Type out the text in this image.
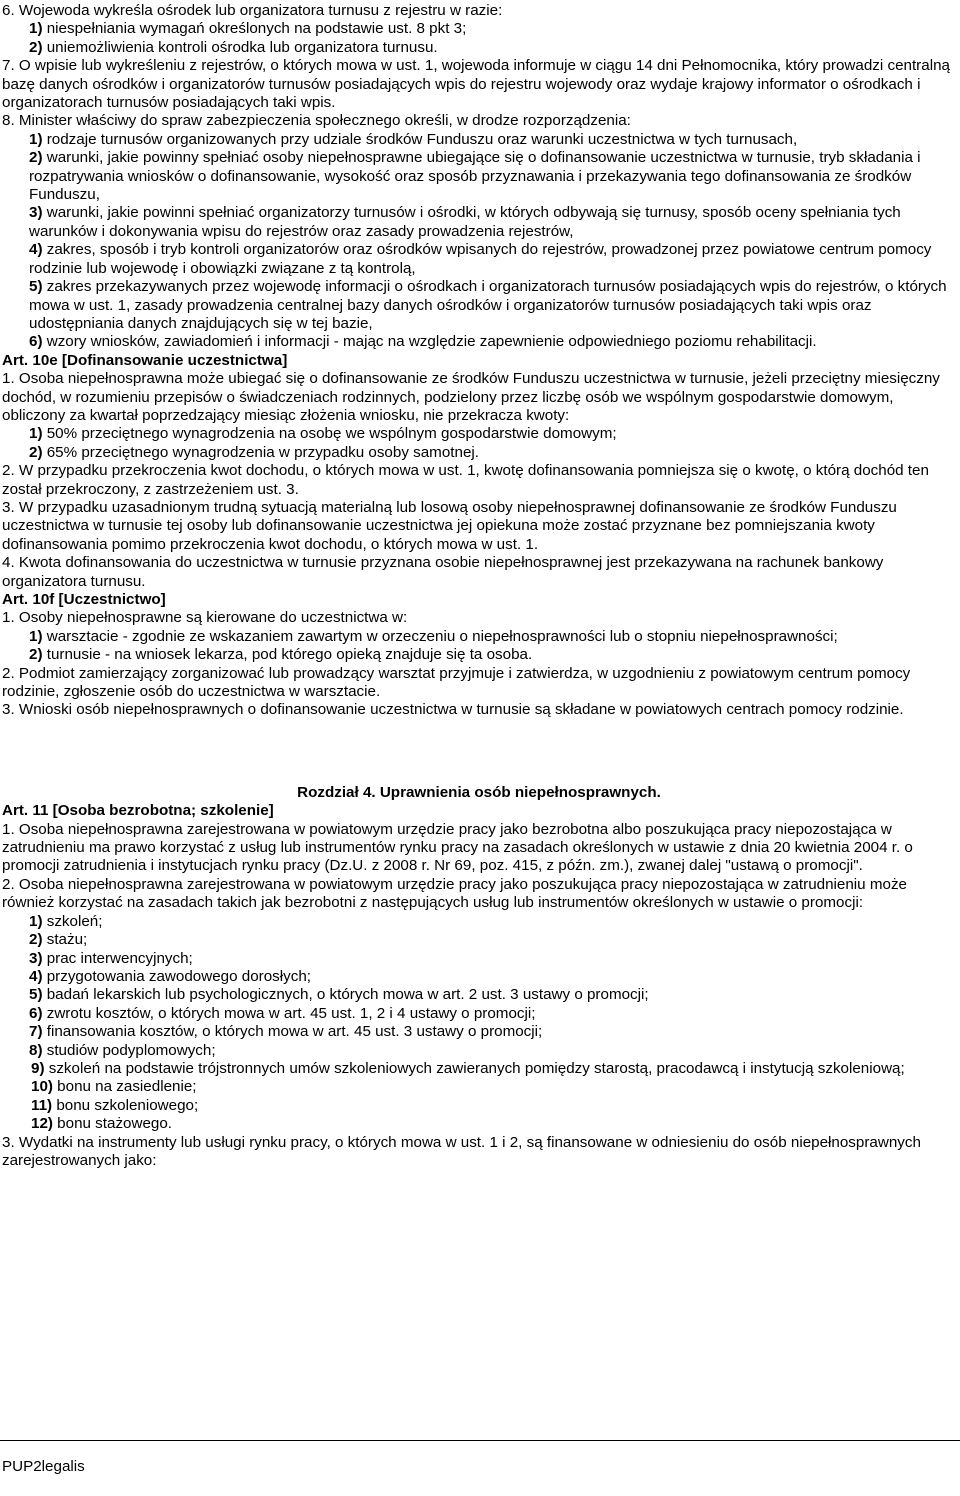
6. Wojewoda wykreśla ośrodek lub organizatora turnusu z rejestru w razie:

1) niespełniania wymagań określonych na podstawie ust. 8 pkt 3;

2) uniemożliwienia kontroli ośrodka lub organizatora turnusu.

7. O wpisie lub wykreśleniu z rejestrów, o których mowa w ust. 1, wojewoda informuje w ciągu 14 dni Pełnomocnika, który prowadzi centralną bazę danych ośrodków i organizatorów turnusów posiadających wpis do rejestru wojewody oraz wydaje krajowy informator o ośrodkach i organizatorach turnusów posiadających taki wpis.

8. Minister właściwy do spraw zabezpieczenia społecznego określi, w drodze rozporządzenia:

1) rodzaje turnusów organizowanych przy udziale środków Funduszu oraz warunki uczestnictwa w tych turnusach,

2) warunki, jakie powinny spełniać osoby niepełnosprawne ubiegające się o dofinansowanie uczestnictwa w turnusie, tryb składania i rozpatrywania wniosków o dofinansowanie, wysokość oraz sposób przyznawania i przekazywania tego dofinansowania ze środków Funduszu,

3) warunki, jakie powinni spełniać organizatorzy turnusów i ośrodki, w których odbywają się turnusy, sposób oceny spełniania tych warunków i dokonywania wpisu do rejestrów oraz zasady prowadzenia rejestrów,

4) zakres, sposób i tryb kontroli organizatorów oraz ośrodków wpisanych do rejestrów, prowadzonej przez powiatowe centrum pomocy rodzinie lub wojewodę i obowiązki związane z tą kontrolą,

5) zakres przekazywanych przez wojewodę informacji o ośrodkach i organizatorach turnusów posiadających wpis do rejestrów, o których mowa w ust. 1, zasady prowadzenia centralnej bazy danych ośrodków i organizatorów turnusów posiadających taki wpis oraz udostępniania danych znajdujących się w tej bazie,

6) wzory wniosków, zawiadomień i informacji - mając na względzie zapewnienie odpowiedniego poziomu rehabilitacji.

Art. 10e [Dofinansowanie uczestnictwa]

1. Osoba niepełnosprawna może ubiegać się o dofinansowanie ze środków Funduszu uczestnictwa w turnusie, jeżeli przeciętny miesięczny dochód, w rozumieniu przepisów o świadczeniach rodzinnych, podzielony przez liczbę osób we wspólnym gospodarstwie domowym, obliczony za kwartał poprzedzający miesiąc złożenia wniosku, nie przekracza kwoty:

1) 50% przeciętnego wynagrodzenia na osobę we wspólnym gospodarstwie domowym;

2) 65% przeciętnego wynagrodzenia w przypadku osoby samotnej.

2. W przypadku przekroczenia kwot dochodu, o których mowa w ust. 1, kwotę dofinansowania pomniejsza się o kwotę, o którą dochód ten został przekroczony, z zastrzeżeniem ust. 3.

3. W przypadku uzasadnionym trudną sytuacją materialną lub losową osoby niepełnosprawnej dofinansowanie ze środków Funduszu uczestnictwa w turnusie tej osoby lub dofinansowanie uczestnictwa jej opiekuna może zostać przyznane bez pomniejszania kwoty dofinansowania pomimo przekroczenia kwot dochodu, o których mowa w ust. 1.

4. Kwota dofinansowania do uczestnictwa w turnusie przyznana osobie niepełnosprawnej jest przekazywana na rachunek bankowy organizatora turnusu.

Art. 10f [Uczestnictwo]

1. Osoby niepełnosprawne są kierowane do uczestnictwa w:

1) warsztacie - zgodnie ze wskazaniem zawartym w orzeczeniu o niepełnosprawności lub o stopniu niepełnosprawności;

2) turnusie - na wniosek lekarza, pod którego opieką znajduje się ta osoba.

2. Podmiot zamierzający zorganizować lub prowadzący warsztat przyjmuje i zatwierdza, w uzgodnieniu z powiatowym centrum pomocy rodzinie, zgłoszenie osób do uczestnictwa w warsztacie.

3. Wnioski osób niepełnosprawnych o dofinansowanie uczestnictwa w turnusie są składane w powiatowych centrach pomocy rodzinie.

Rozdział 4. Uprawnienia osób niepełnosprawnych.

Art. 11 [Osoba bezrobotna; szkolenie]

1. Osoba niepełnosprawna zarejestrowana w powiatowym urzędzie pracy jako bezrobotna albo poszukująca pracy niepozostająca w zatrudnieniu ma prawo korzystać z usług lub instrumentów rynku pracy na zasadach określonych w ustawie z dnia 20 kwietnia 2004 r. o promocji zatrudnienia i instytucjach rynku pracy (Dz.U. z 2008 r. Nr 69, poz. 415, z późn. zm.), zwanej dalej "ustawą o promocji".

2. Osoba niepełnosprawna zarejestrowana w powiatowym urzędzie pracy jako poszukująca pracy niepozostająca w zatrudnieniu może również korzystać na zasadach takich jak bezrobotni z następujących usług lub instrumentów określonych w ustawie o promocji:

1) szkoleń;

2) stażu;

3) prac interwencyjnych;

4) przygotowania zawodowego dorosłych;

5) badań lekarskich lub psychologicznych, o których mowa w art. 2 ust. 3 ustawy o promocji;

6) zwrotu kosztów, o których mowa w art. 45 ust. 1, 2 i 4 ustawy o promocji;

7) finansowania kosztów, o których mowa w art. 45 ust. 3 ustawy o promocji;

8) studiów podyplomowych;

9) szkoleń na podstawie trójstronnych umów szkoleniowych zawieranych pomiędzy starostą, pracodawcą i instytucją szkoleniową;

10) bonu na zasiedlenie;

11) bonu szkoleniowego;

12) bonu stażowego.

3. Wydatki na instrumenty lub usługi rynku pracy, o których mowa w ust. 1 i 2, są finansowane w odniesieniu do osób niepełnosprawnych zarejestrowanych jako:

PUP2legalis
